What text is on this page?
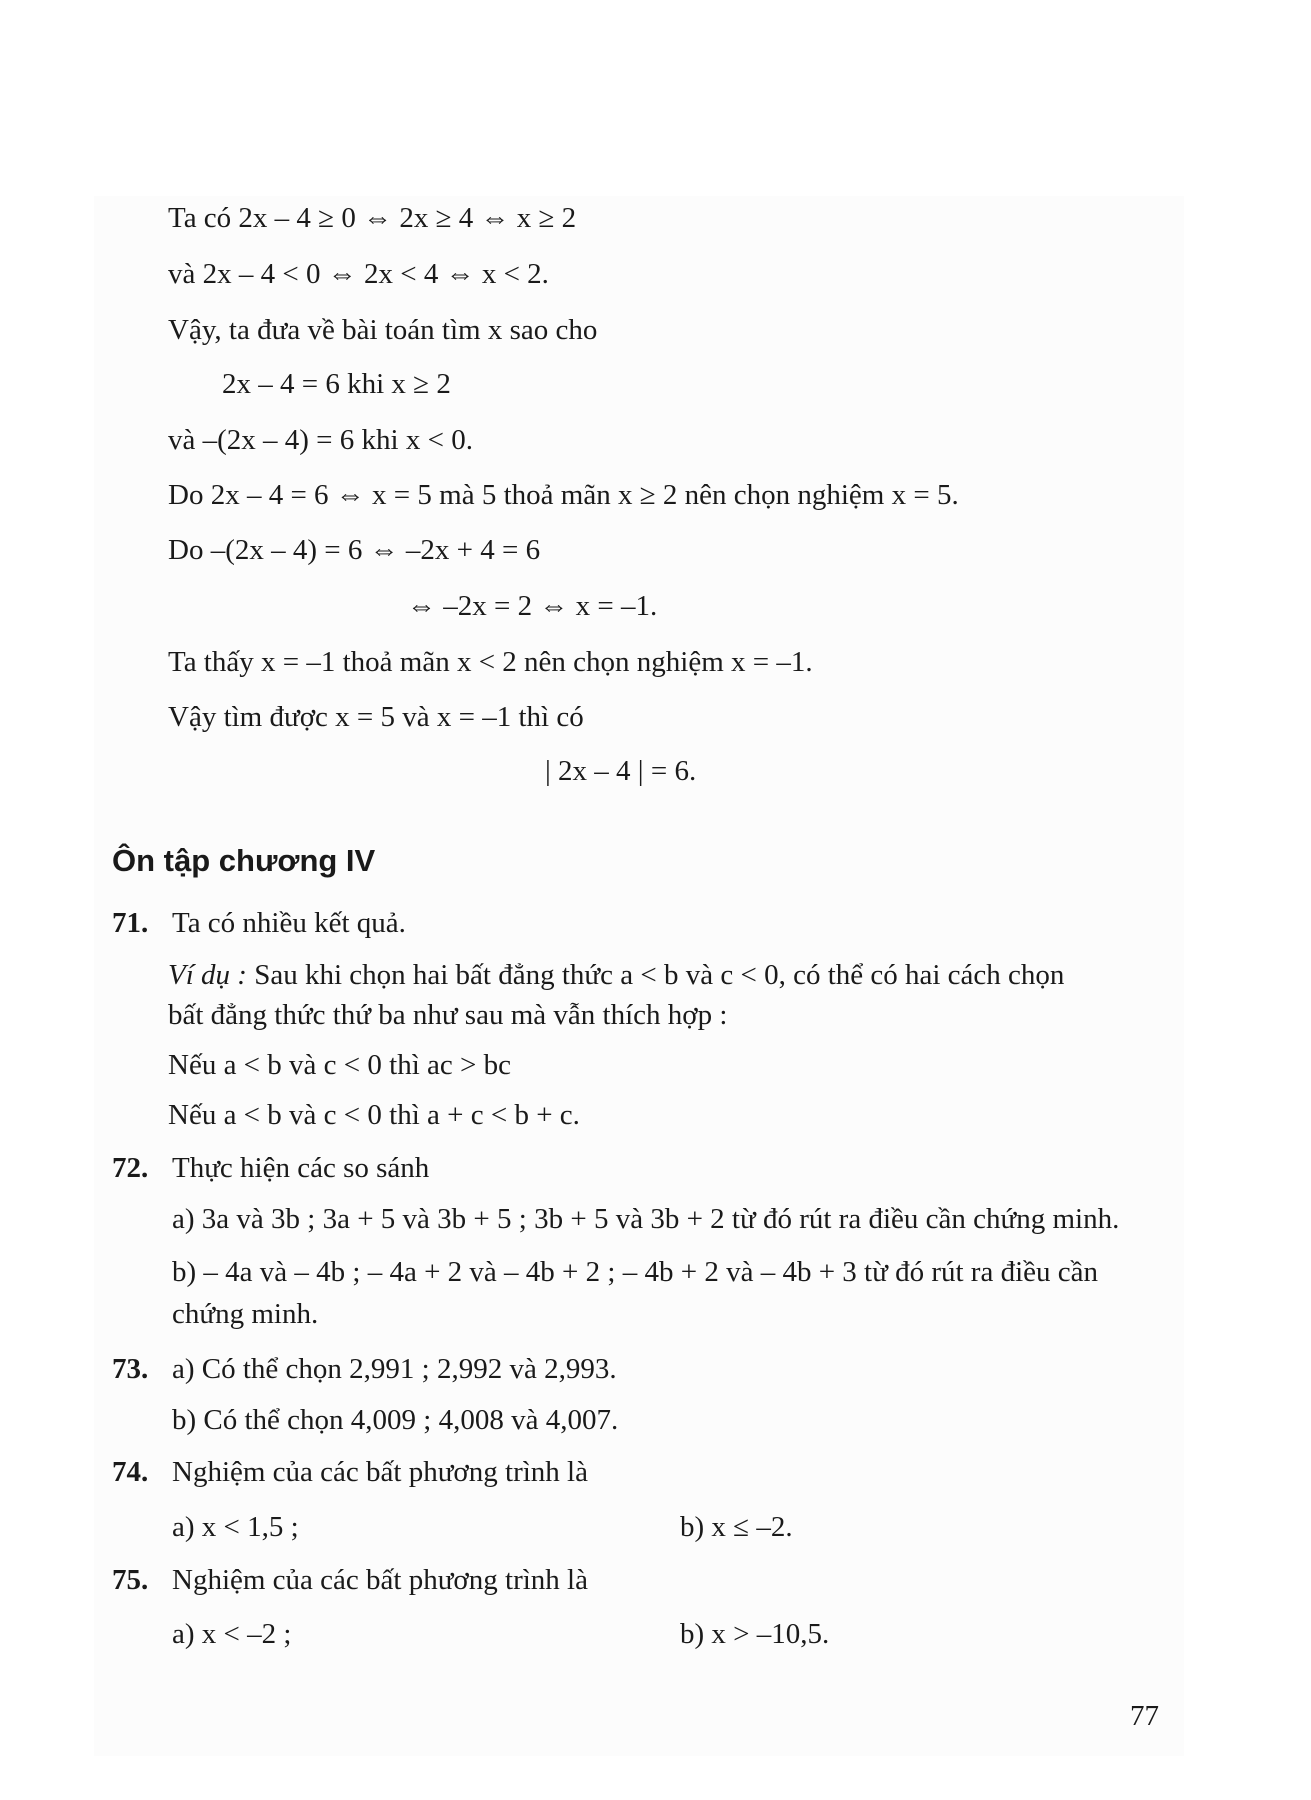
Ta có 2x – 4 ≥ 0 ⇔ 2x ≥ 4 ⇔ x ≥ 2
và 2x – 4 < 0 ⇔ 2x < 4 ⇔ x < 2.
Vậy, ta đưa về bài toán tìm x sao cho
2x – 4 = 6 khi x ≥ 2
và –(2x – 4) = 6 khi x < 0.
Do 2x – 4 = 6 ⇔ x = 5 mà 5 thoả mãn x ≥ 2 nên chọn nghiệm x = 5.
Do –(2x – 4) = 6 ⇔ –2x + 4 = 6
⇔ –2x = 2 ⇔ x = –1.
Ta thấy x = –1 thoả mãn x < 2 nên chọn nghiệm x = –1.
Vậy tìm được x = 5 và x = –1 thì có
| 2x – 4 | = 6.
Ôn tập chương IV
71. Ta có nhiều kết quả.
Ví dụ : Sau khi chọn hai bất đẳng thức a < b và c < 0, có thể có hai cách chọn
bất đẳng thức thứ ba như sau mà vẫn thích hợp :
Nếu a < b và c < 0 thì ac > bc
Nếu a < b và c < 0 thì a + c < b + c.
72. Thực hiện các so sánh
a) 3a và 3b ; 3a + 5 và 3b + 5 ; 3b + 5 và 3b + 2 từ đó rút ra điều cần chứng minh.
b) – 4a và – 4b ; – 4a + 2 và – 4b + 2 ; – 4b + 2 và – 4b + 3 từ đó rút ra điều cần
chứng minh.
73. a) Có thể chọn 2,991 ; 2,992 và 2,993.
b) Có thể chọn 4,009 ; 4,008 và 4,007.
74. Nghiệm của các bất phương trình là
a) x < 1,5 ;	b) x ≤ –2.
75. Nghiệm của các bất phương trình là
a) x < –2 ;	b) x > –10,5.
77
